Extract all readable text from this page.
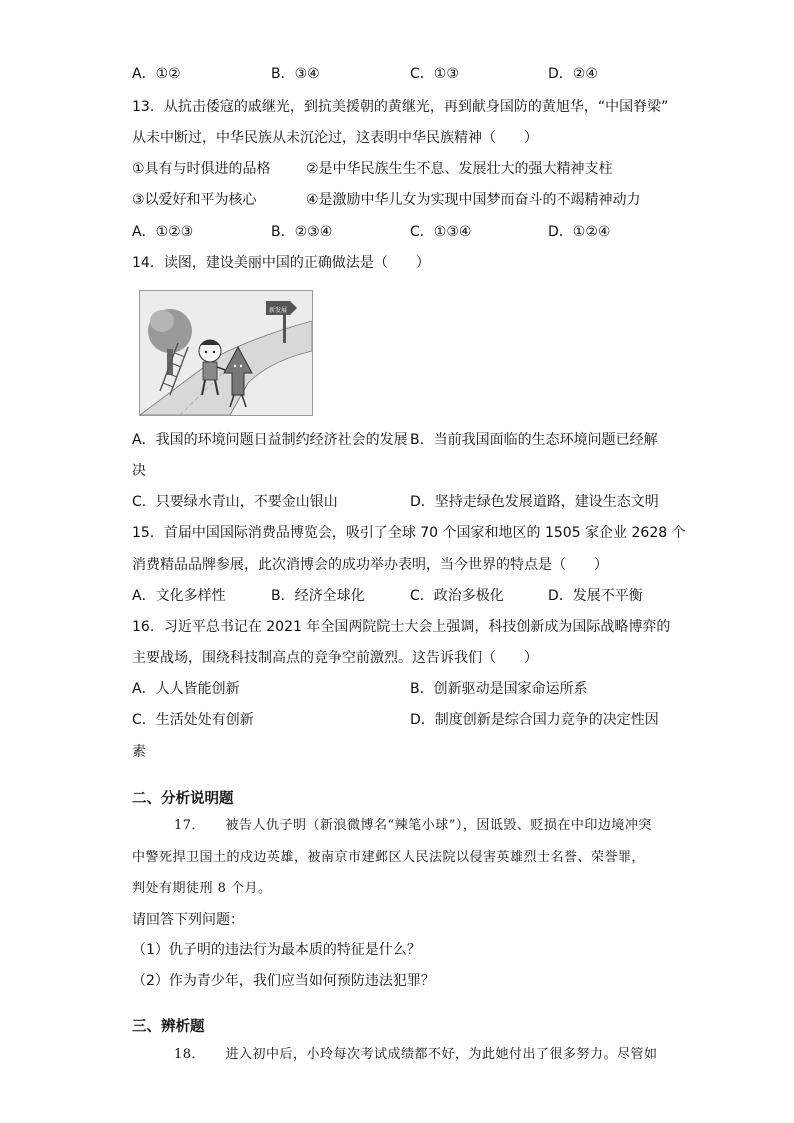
A．①②	B．③④	C．①③	D．②④
13．从抗击倭寇的戚继光，到抗美援朝的黄继光，再到献身国防的黄旭华，“中国脊梁”
从未中断过，中华民族从未沉沦过，这表明中华民族精神（　　）
①具有与时俱进的品格	②是中华民族生生不息、发展壮大的强大精神支柱
③以爱好和平为核心	④是激励中华儿女为实现中国梦而奋斗的不竭精神动力
A．①②③	B．②③④	C．①③④	D．①②④
14．读图，建设美丽中国的正确做法是（　　）
新发展
A．我国的环境问题日益制约经济社会的发展 B．当前我国面临的生态环境问题已经解
决
C．只要绿水青山，不要金山银山	D．坚持走绿色发展道路，建设生态文明
15．首届中国国际消费品博览会，吸引了全球 70 个国家和地区的 1505 家企业 2628 个
消费精品品牌参展，此次消博会的成功举办表明，当今世界的特点是（　　）
A．文化多样性	B．经济全球化	C．政治多极化	D．发展不平衡
16．习近平总书记在 2021 年全国两院院士大会上强调，科技创新成为国际战略博弈的
主要战场，围绕科技制高点的竞争空前激烈。这告诉我们（　　）
A．人人皆能创新	B．创新驱动是国家命运所系
C．生活处处有创新	D．制度创新是综合国力竞争的决定性因
素
二、分析说明题
17．　　被告人仇子明（新浪微博名“辣笔小球”），因诋毁、贬损在中印边境冲突
中警死捍卫国土的戍边英雄，被南京市建邺区人民法院以侵害英雄烈士名誉、荣誉罪，
判处有期徒刑 8 个月。
请回答下列问题：
（1）仇子明的违法行为最本质的特征是什么？
（2）作为青少年，我们应当如何预防违法犯罪？
三、辨析题
18．　　进入初中后，小玲每次考试成绩都不好，为此她付出了很多努力。尽管如
